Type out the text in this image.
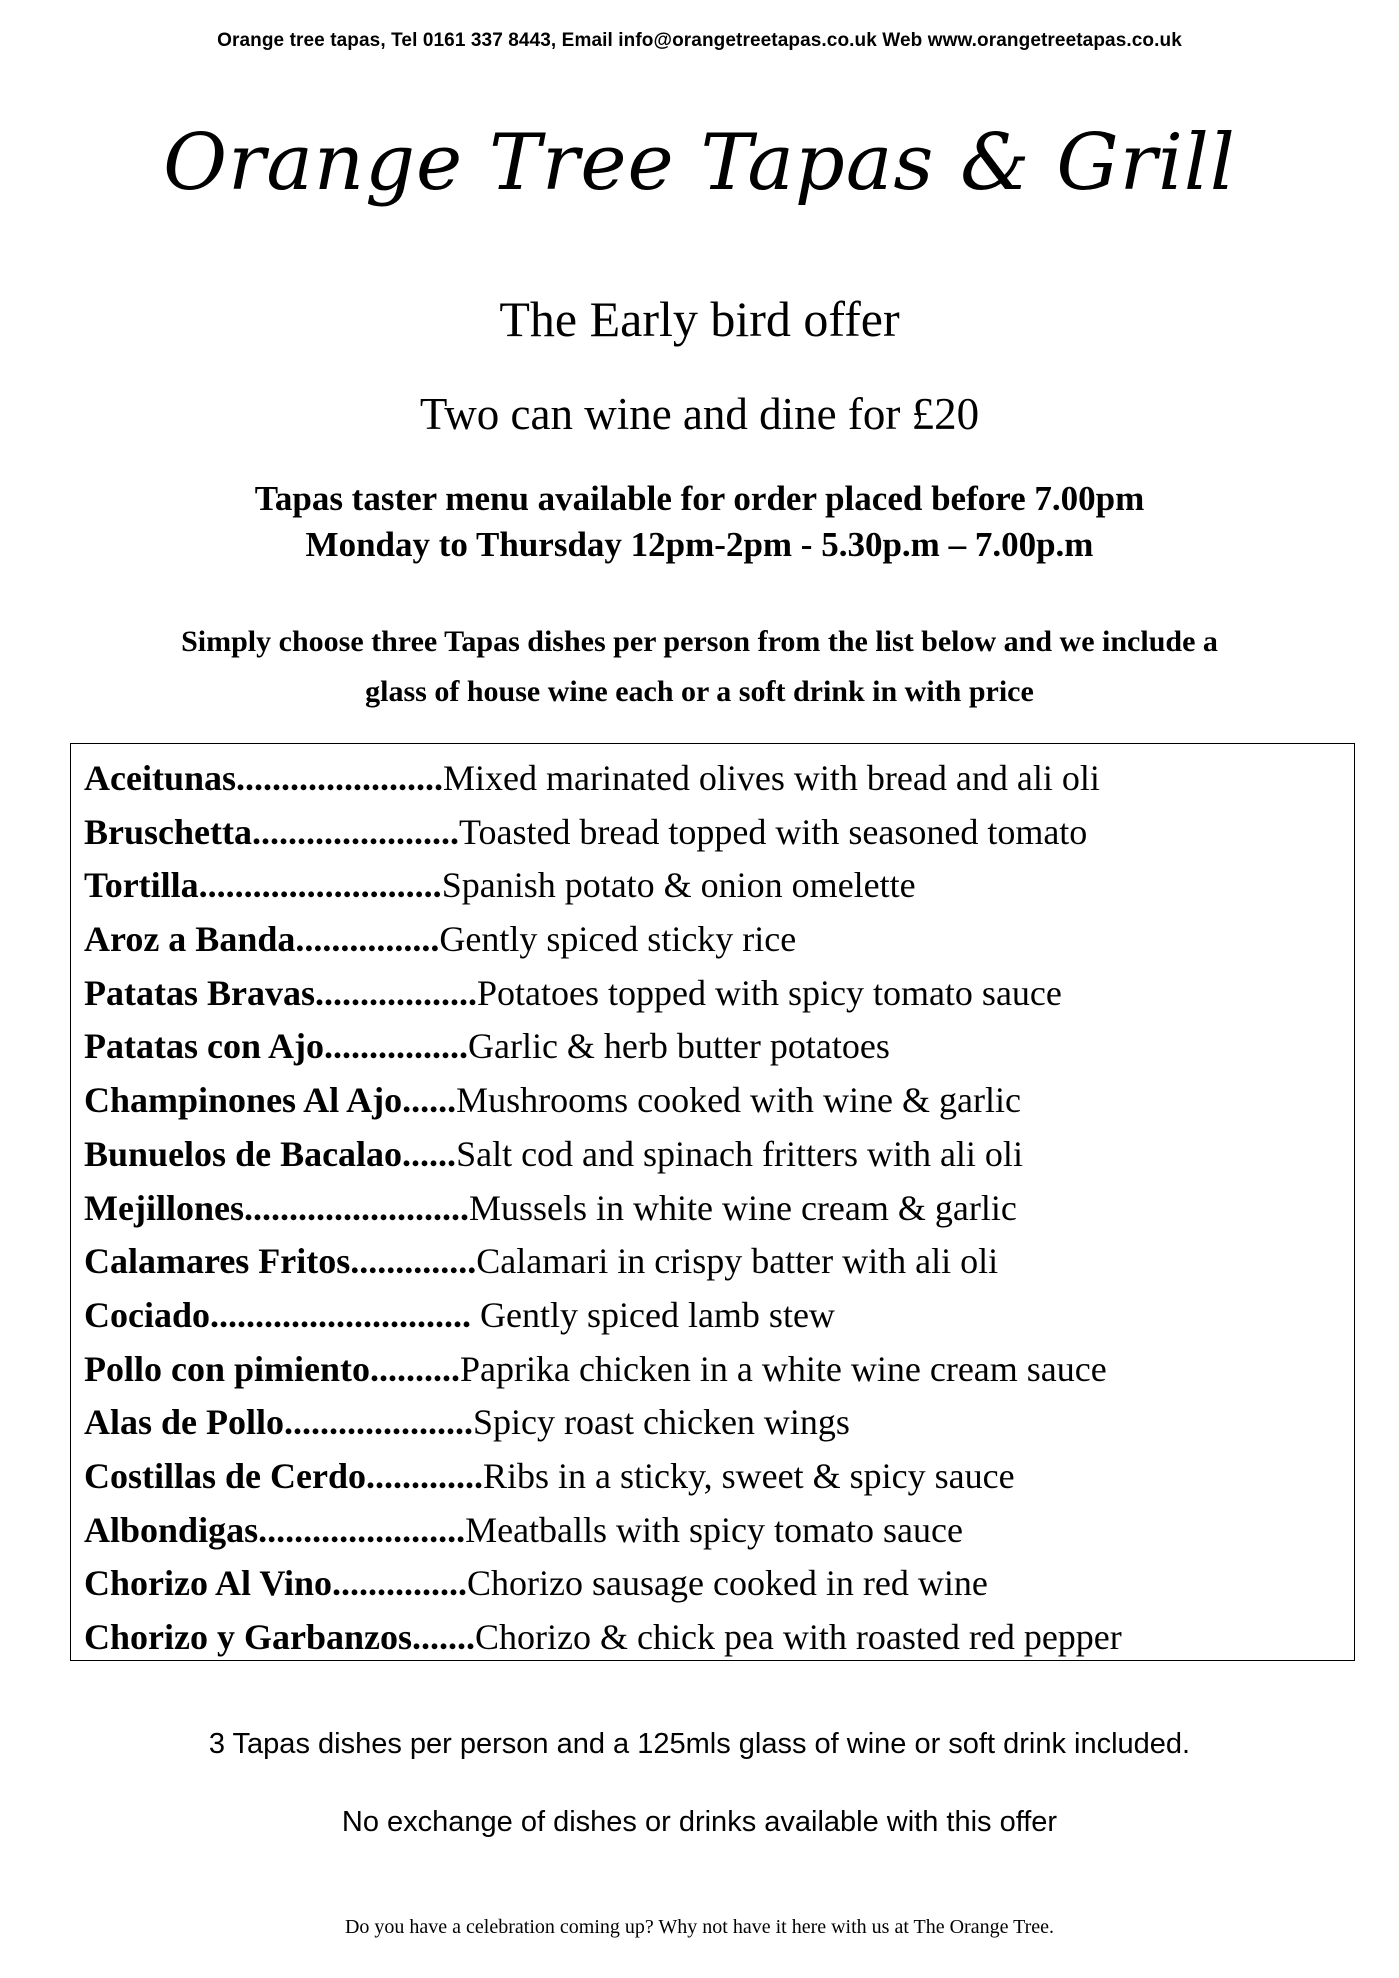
Orange tree tapas, Tel 0161 337 8443, Email info@orangetreetapas.co.uk Web www.orangetreetapas.co.uk
Orange Tree Tapas & Grill
The Early bird offer
Two can wine and dine for £20
Tapas taster menu available for order placed before 7.00pm
Monday to Thursday 12pm-2pm - 5.30p.m – 7.00p.m
Simply choose three Tapas dishes per person from the list below and we include a
glass of house wine each or a soft drink in with price
Aceitunas.......................Mixed marinated olives with bread and ali oli
Bruschetta.......................Toasted bread topped with seasoned tomato
Tortilla...........................Spanish potato & onion omelette
Aroz a Banda................Gently spiced sticky rice
Patatas Bravas..................Potatoes topped with spicy tomato sauce
Patatas con Ajo................Garlic & herb butter potatoes
Champinones Al Ajo......Mushrooms cooked with wine & garlic
Bunuelos de Bacalao......Salt cod and spinach fritters with ali oli
Mejillones.........................Mussels in white wine cream & garlic
Calamares Fritos..............Calamari in crispy batter with ali oli
Cociado............................. Gently spiced lamb stew
Pollo con pimiento..........Paprika chicken in a white wine cream sauce
Alas de Pollo.....................Spicy roast chicken wings
Costillas de Cerdo.............Ribs in a sticky, sweet & spicy sauce
Albondigas.......................Meatballs with spicy tomato sauce
Chorizo Al Vino...............Chorizo sausage cooked in red wine
Chorizo y Garbanzos.......Chorizo & chick pea with roasted red pepper
3 Tapas dishes per person and a 125mls glass of wine or soft drink included.
No exchange of dishes or drinks available with this offer
Do you have a celebration coming up? Why not have it here with us at The Orange Tree.
